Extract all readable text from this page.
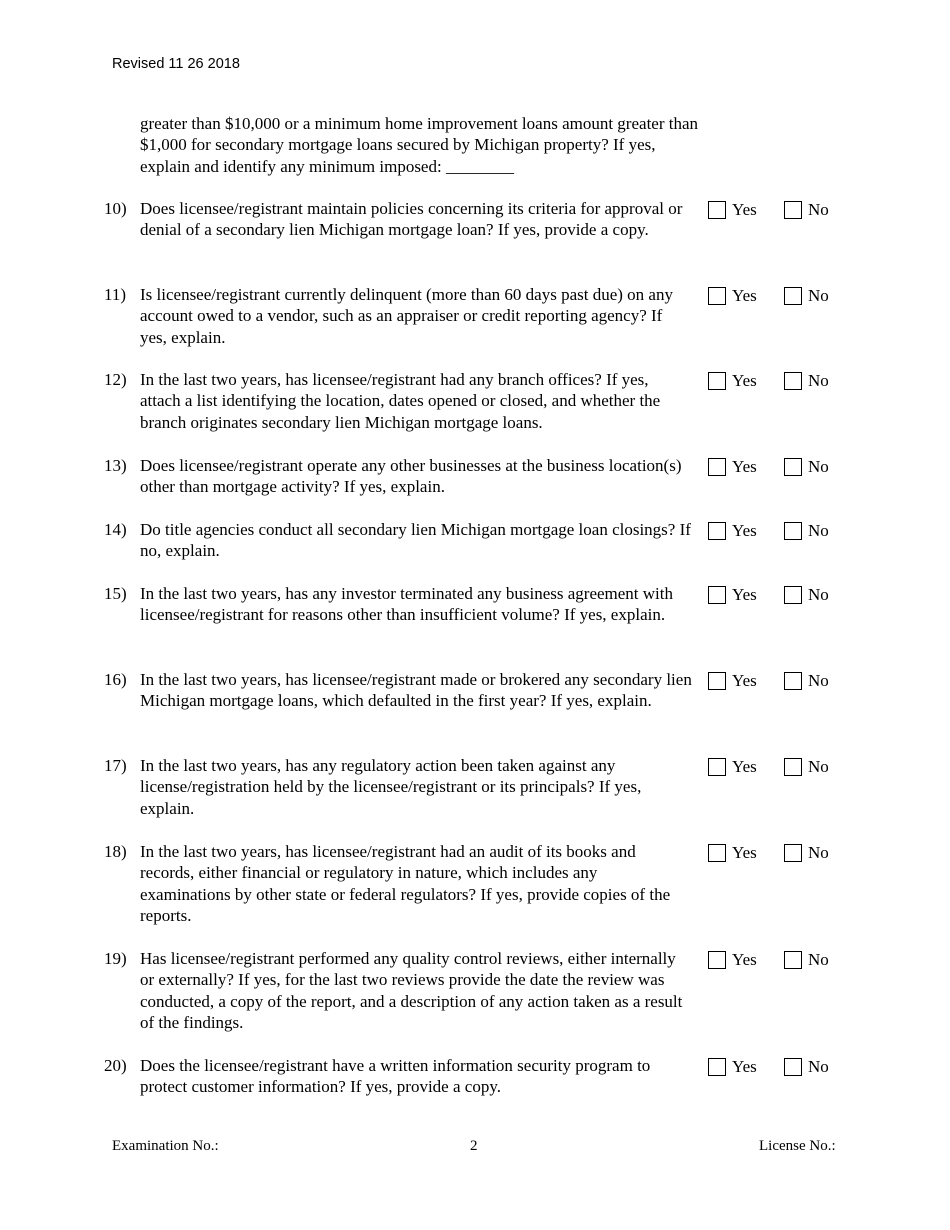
Revised 11 26 2018
greater than $10,000 or a minimum home improvement loans amount greater than $1,000 for secondary mortgage loans secured by Michigan property? If yes, explain and identify any minimum imposed: ________
10) Does licensee/registrant maintain policies concerning its criteria for approval or denial of a secondary lien Michigan mortgage loan? If yes, provide a copy.
Yes	No
11) Is licensee/registrant currently delinquent (more than 60 days past due) on any account owed to a vendor, such as an appraiser or credit reporting agency? If yes, explain.
Yes	No
12) In the last two years, has licensee/registrant had any branch offices? If yes, attach a list identifying the location, dates opened or closed, and whether the branch originates secondary lien Michigan mortgage loans.
Yes	No
13) Does licensee/registrant operate any other businesses at the business location(s) other than mortgage activity? If yes, explain.
Yes	No
14) Do title agencies conduct all secondary lien Michigan mortgage loan closings? If no, explain.
Yes	No
15) In the last two years, has any investor terminated any business agreement with licensee/registrant for reasons other than insufficient volume? If yes, explain.
Yes	No
16) In the last two years, has licensee/registrant made or brokered any secondary lien Michigan mortgage loans, which defaulted in the first year? If yes, explain.
Yes	No
17) In the last two years, has any regulatory action been taken against any license/registration held by the licensee/registrant or its principals? If yes, explain.
Yes	No
18) In the last two years, has licensee/registrant had an audit of its books and records, either financial or regulatory in nature, which includes any examinations by other state or federal regulators? If yes, provide copies of the reports.
Yes	No
19) Has licensee/registrant performed any quality control reviews, either internally or externally? If yes, for the last two reviews provide the date the review was conducted, a copy of the report, and a description of any action taken as a result of the findings.
Yes	No
20) Does the licensee/registrant have a written information security program to protect customer information? If yes, provide a copy.
Yes	No
Examination No.:	2	License No.:
